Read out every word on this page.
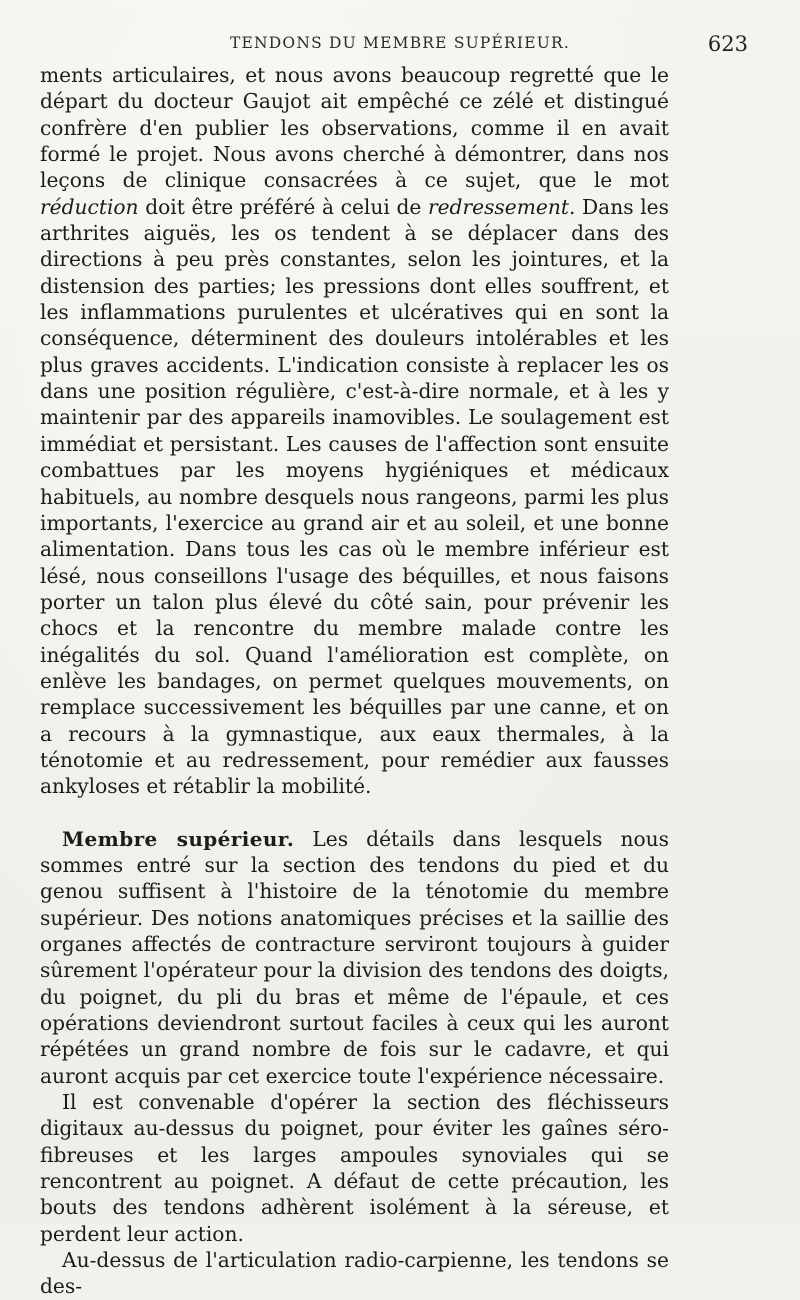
TENDONS DU MEMBRE SUPÉRIEUR.	623

ments articulaires, et nous avons beaucoup regretté que le départ du docteur Gaujot ait empêché ce zélé et distingué confrère d'en publier les observations, comme il en avait formé le projet. Nous avons cherché à démontrer, dans nos leçons de clinique consacrées à ce sujet, que le mot réduction doit être préféré à celui de redressement. Dans les arthrites aiguës, les os tendent à se déplacer dans des directions à peu près constantes, selon les jointures, et la distension des parties; les pressions dont elles souffrent, et les inflammations purulentes et ulcératives qui en sont la conséquence, déterminent des douleurs intolérables et les plus graves accidents. L'indication consiste à replacer les os dans une position régulière, c'est-à-dire normale, et à les y maintenir par des appareils inamovibles. Le soulagement est immédiat et persistant. Les causes de l'affection sont ensuite combattues par les moyens hygiéniques et médicaux habituels, au nombre desquels nous rangeons, parmi les plus importants, l'exercice au grand air et au soleil, et une bonne alimentation. Dans tous les cas où le membre inférieur est lésé, nous conseillons l'usage des béquilles, et nous faisons porter un talon plus élevé du côté sain, pour prévenir les chocs et la rencontre du membre malade contre les inégalités du sol. Quand l'amélioration est complète, on enlève les bandages, on permet quelques mouvements, on remplace successivement les béquilles par une canne, et on a recours à la gymnastique, aux eaux thermales, à la ténotomie et au redressement, pour remédier aux fausses ankyloses et rétablir la mobilité.

Membre supérieur. Les détails dans lesquels nous sommes entré sur la section des tendons du pied et du genou suffisent à l'histoire de la ténotomie du membre supérieur. Des notions anatomiques précises et la saillie des organes affectés de contracture serviront toujours à guider sûrement l'opérateur pour la division des tendons des doigts, du poignet, du pli du bras et même de l'épaule, et ces opérations deviendront surtout faciles à ceux qui les auront répétées un grand nombre de fois sur le cadavre, et qui auront acquis par cet exercice toute l'expérience nécessaire.

Il est convenable d'opérer la section des fléchisseurs digitaux au-dessus du poignet, pour éviter les gaînes séro-fibreuses et les larges ampoules synoviales qui se rencontrent au poignet. A défaut de cette précaution, les bouts des tendons adhèrent isolément à la séreuse, et perdent leur action.

Au-dessus de l'articulation radio-carpienne, les tendons se des-
